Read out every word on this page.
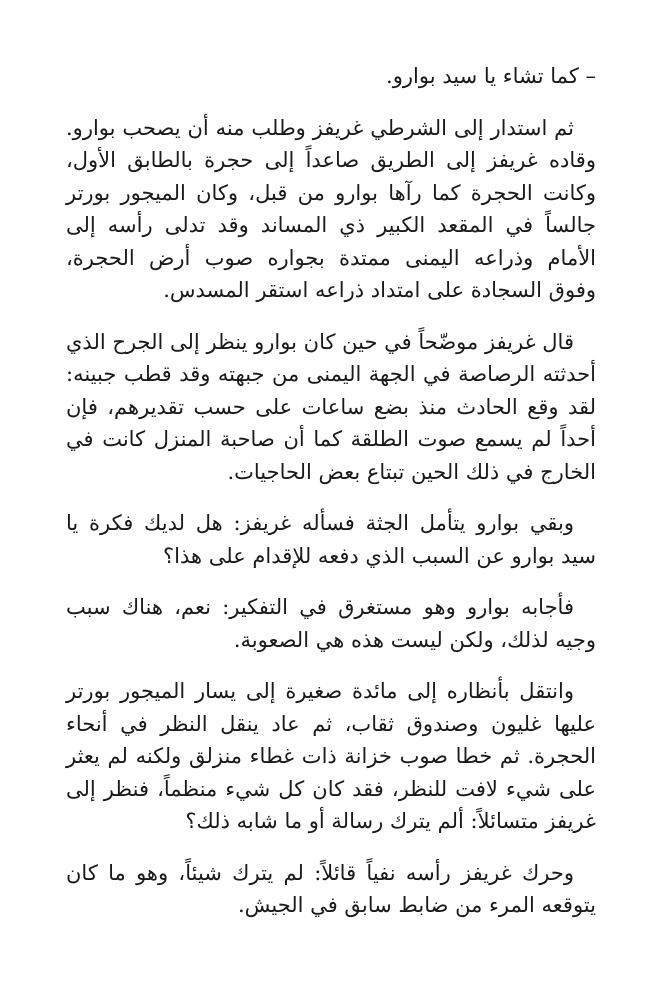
– كما تشاء يا سيد بوارو.

ثم استدار إلى الشرطي غريفز وطلب منه أن يصحب بوارو. وقاده غريفز إلى الطريق صاعداً إلى حجرة بالطابق الأول، وكانت الحجرة كما رآها بوارو من قبل، وكان الميجور بورتر جالساً في المقعد الكبير ذي المساند وقد تدلى رأسه إلى الأمام وذراعه اليمنى ممتدة بجواره صوب أرض الحجرة، وفوق السجادة على امتداد ذراعه استقر المسدس.

قال غريفز موضّحاً في حين كان بوارو ينظر إلى الجرح الذي أحدثته الرصاصة في الجهة اليمنى من جبهته وقد قطب جبينه: لقد وقع الحادث منذ بضع ساعات على حسب تقديرهم، فإن أحداً لم يسمع صوت الطلقة كما أن صاحبة المنزل كانت في الخارج في ذلك الحين تبتاع بعض الحاجيات.

وبقي بوارو يتأمل الجثة فسأله غريفز: هل لديك فكرة يا سيد بوارو عن السبب الذي دفعه للإقدام على هذا؟

فأجابه بوارو وهو مستغرق في التفكير: نعم، هناك سبب وجيه لذلك، ولكن ليست هذه هي الصعوبة.

وانتقل بأنظاره إلى مائدة صغيرة إلى يسار الميجور بورتر عليها غليون وصندوق ثقاب، ثم عاد ينقل النظر في أنحاء الحجرة. ثم خطا صوب خزانة ذات غطاء منزلق ولكنه لم يعثر على شيء لافت للنظر، فقد كان كل شيء منظماً، فنظر إلى غريفز متسائلاً: ألم يترك رسالة أو ما شابه ذلك؟

وحرك غريفز رأسه نفياً قائلاً: لم يترك شيئاً، وهو ما كان يتوقعه المرء من ضابط سابق في الجيش.
